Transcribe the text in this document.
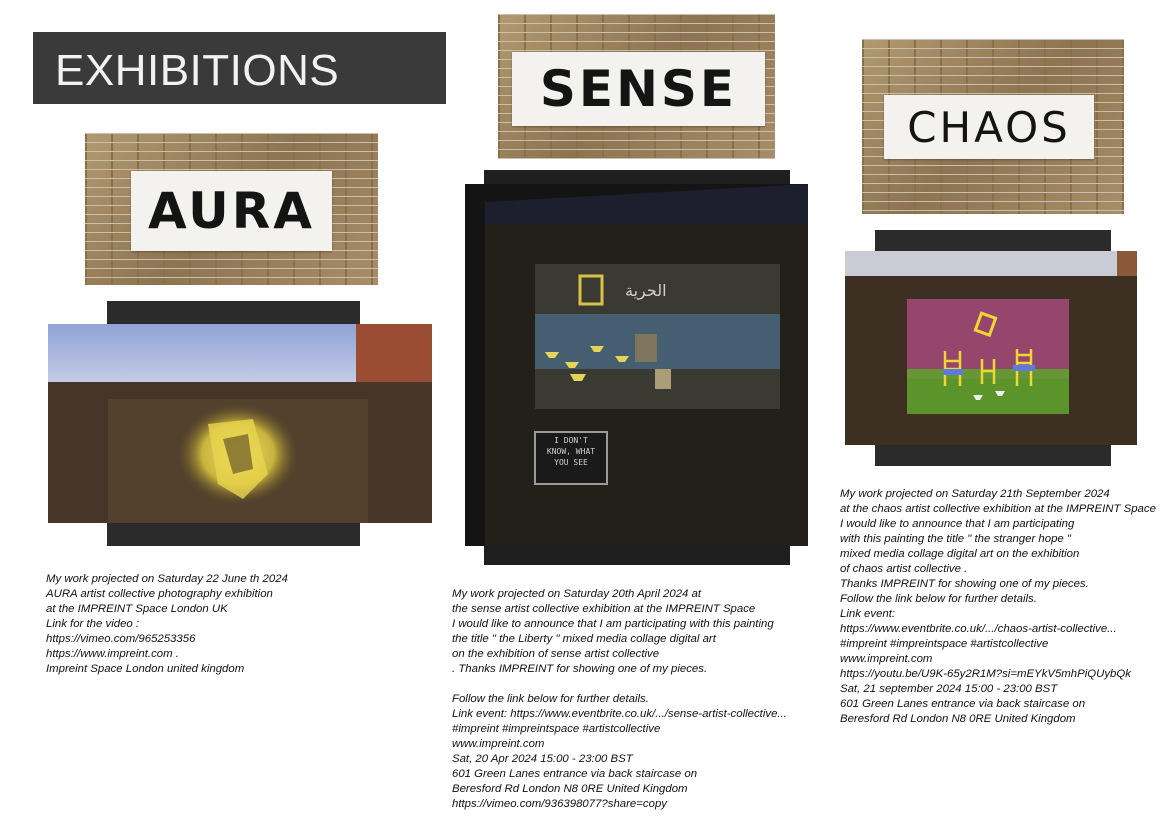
EXHIBITIONS
AURA
My work projected on Saturday 22 June th 2024
AURA artist collective photography exhibition
at the IMPREINT Space London UK
Link for the video :
https://vimeo.com/965253356
https://www.impreint.com .
Impreint Space London united kingdom
SENSE
الحرية
I DON'T
KNOW, WHAT
YOU SEE
My work projected on Saturday 20th April 2024 at
the sense artist collective exhibition at the IMPREINT Space
I would like to announce that I am participating with this painting
the title " the Liberty " mixed media collage digital art
on the exhibition of sense artist collective
. Thanks IMPREINT for showing one of my pieces.
Follow the link below for further details.
Link event: https://www.eventbrite.co.uk/.../sense-artist-collective...
#impreint #impreintspace #artistcollective
www.impreint.com
Sat, 20 Apr 2024 15:00 - 23:00 BST
601 Green Lanes entrance via back staircase on
Beresford Rd London N8 0RE United Kingdom
https://vimeo.com/936398077?share=copy
CHAOS
My work projected on Saturday 21th September 2024
at the chaos artist collective exhibition at the IMPREINT Space
I would like to announce that I am participating
with this painting the title " the stranger hope "
mixed media collage digital art on the exhibition
of chaos artist collective .
Thanks IMPREINT for showing one of my pieces.
Follow the link below for further details.
Link event:
https://www.eventbrite.co.uk/.../chaos-artist-collective...
#impreint #impreintspace #artistcollective
www.impreint.com
https://youtu.be/U9K-65y2R1M?si=mEYkV5mhPiQUybQk
Sat, 21 september 2024 15:00 - 23:00 BST
601 Green Lanes entrance via back staircase on
Beresford Rd London N8 0RE United Kingdom
